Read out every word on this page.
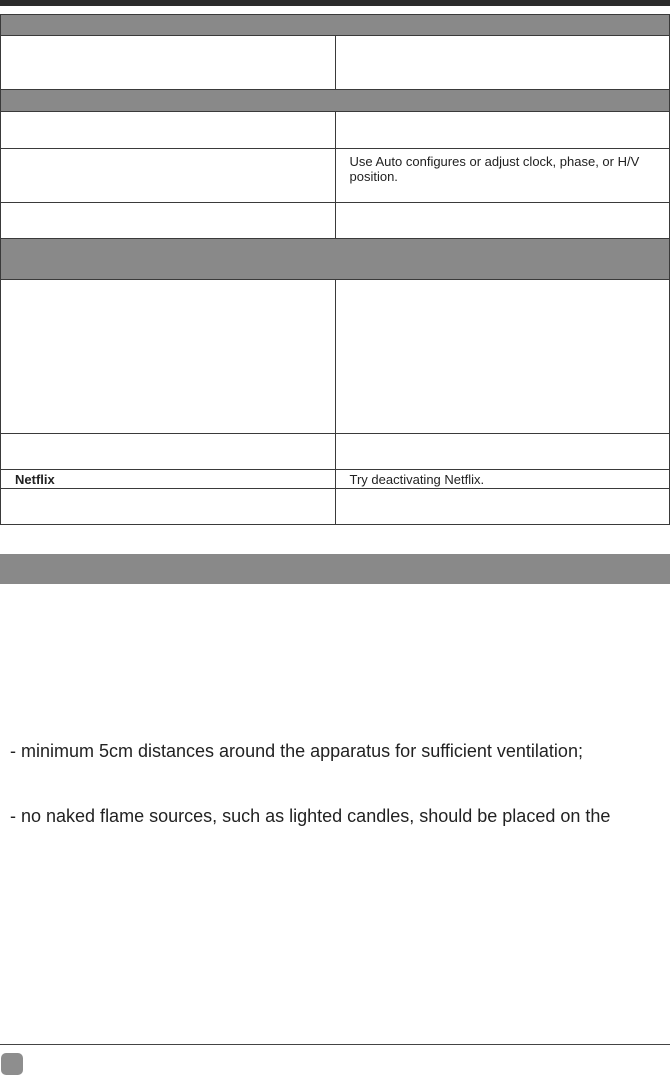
	Use Auto configures or adjust clock, phase, or H/V position.

Netflix	Try deactivating Netflix.

- minimum 5cm distances around the apparatus for sufficient ventilation;
- no naked flame sources, such as lighted candles, should be placed on the
